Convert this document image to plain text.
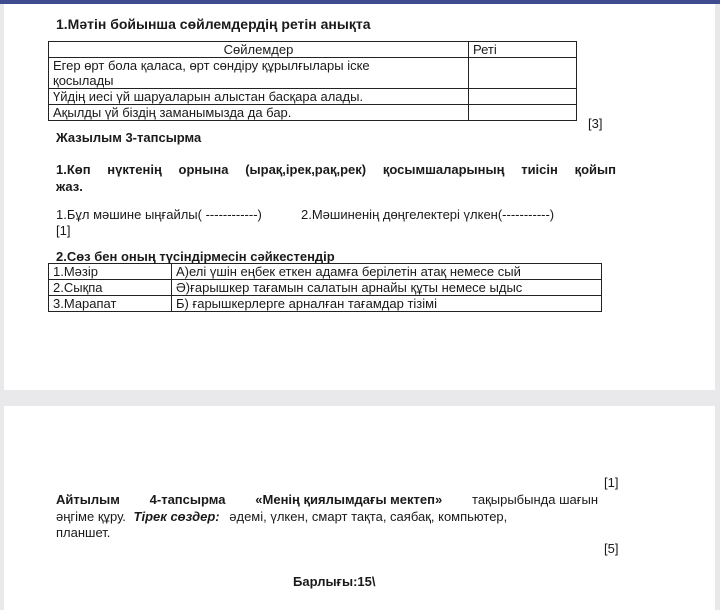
1.Мәтін бойынша сөйлемдердің ретін анықта
Сөйлемдер	Реті

Егер өрт бола қаласа, өрт сөндіру құрылғылары іске
қосылады	

Үйдің иесі үй шаруаларын алыстан басқара алады.	
Ақылды үй біздің заманымызда да бар.	
[3]
Жазылым 3-тапсырма
1.Көп нүктенің орнына (ырақ,ірек,рақ,рек) қосымшаларының тиісін қойып
жаз.
1.Бұл мәшине ыңғайлы( ------------)	2.Мәшиненің дөңгелектері үлкен(-----------)
[1]
2.Сөз бен оның түсіндірмесін сәйкестендір
1.Мәзір	А)елі үшін еңбек еткен адамға берілетін атақ немесе сый
2.Сықпа	Ә)ғарышкер тағамын салатын арнайы құты немесе ыдыс
3.Марапат	Б) ғарышкерлерге арналған тағамдар тізімі
[1]
Айтылым 4-тапсырма «Менің қиялымдағы мектеп» тақырыбында шағын
әңгіме құру. Тірек сөздер: әдемі, үлкен, смарт тақта, саябақ, компьютер,
планшет.
[5]
Барлығы:15\
